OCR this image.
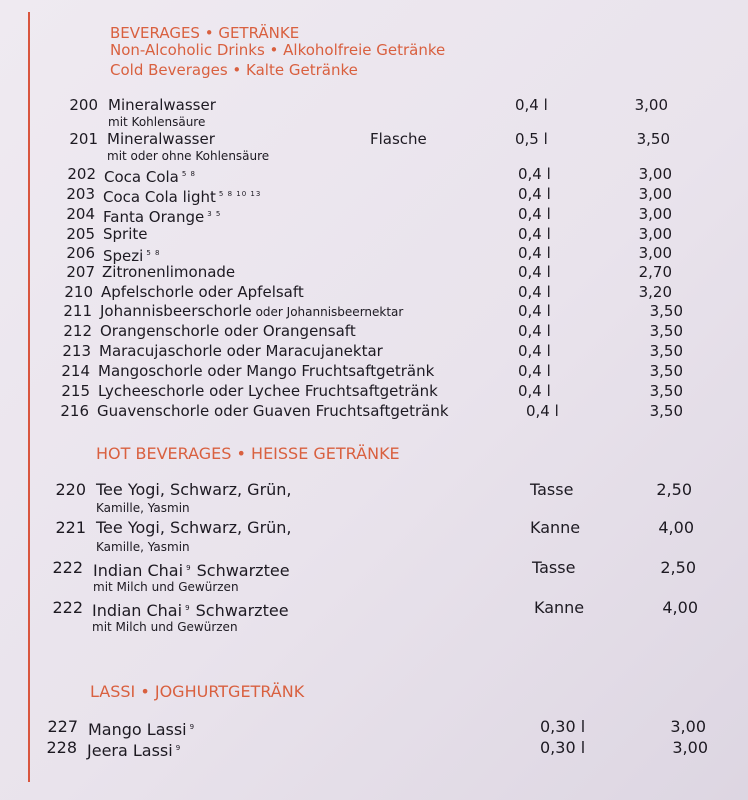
BEVERAGES • GETRÄNKE
Non-Alcoholic Drinks • Alkoholfreie Getränke
Cold Beverages • Kalte Getränke
200 Mineralwasser	0,4 l	3,00
mit Kohlensäure
201 Mineralwasser	Flasche	0,5 l	3,50
mit oder ohne Kohlensäure
202 Coca Cola $^{5 8}$	0,4 l	3,00
203 Coca Cola light $^{5 8 10 13}$	0,4 l	3,00
204 Fanta Orange $^{3 5}$	0,4 l	3,00
205 Sprite	0,4 l	3,00
206 Spezi $^{5 8}$	0,4 l	3,00
207 Zitronenlimonade	0,4 l	2,70
210 Apfelschorle oder Apfelsaft	0,4 l	3,20
211 Johannisbeerschorle oder Johannisbeernektar	0,4 l	3,50
212 Orangenschorle oder Orangensaft	0,4 l	3,50
213 Maracujaschorle oder Maracujanektar	0,4 l	3,50
214 Mangoschorle oder Mango Fruchtsaftgetränk	0,4 l	3,50
215 Lycheeschorle oder Lychee Fruchtsaftgetränk	0,4 l	3,50
216 Guavenschorle oder Guaven Fruchtsaftgetränk	0,4 l	3,50
HOT BEVERAGES • HEISSE GETRÄNKE
220 Tee Yogi, Schwarz, Grün,	Tasse	2,50
Kamille, Yasmin
221 Tee Yogi, Schwarz, Grün,	Kanne	4,00
Kamille, Yasmin
222 Indian Chai $^9$ Schwarztee	Tasse	2,50
mit Milch und Gewürzen
222 Indian Chai $^9$ Schwarztee	Kanne	4,00
mit Milch und Gewürzen
LASSI • JOGHURTGETRÄNK
227 Mango Lassi $^9$	0,30 l	3,00
228 Jeera Lassi $^9$	0,30 l	3,00
